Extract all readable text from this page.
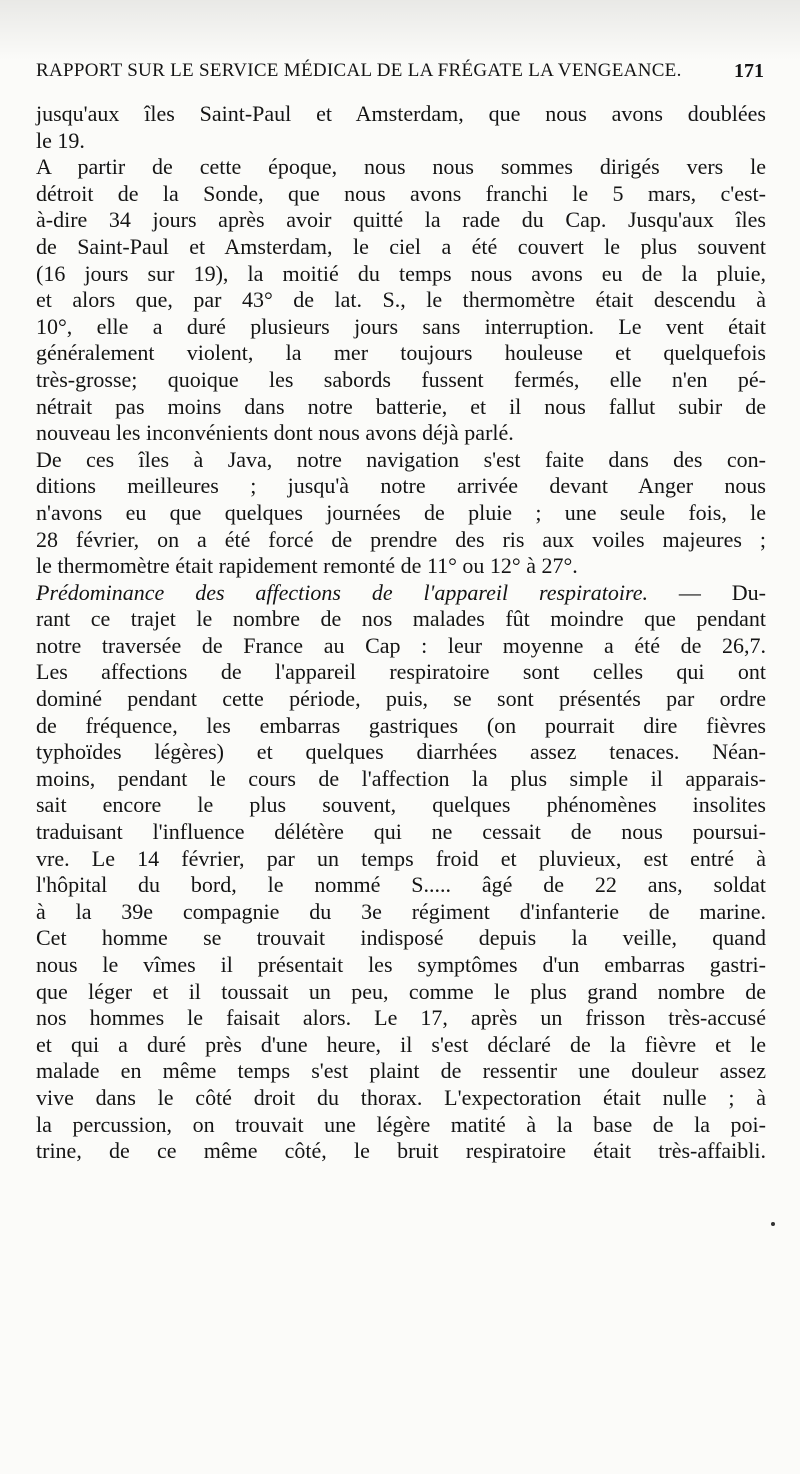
RAPPORT SUR LE SERVICE MÉDICAL DE LA FRÉGATE LA VENGEANCE.	171
jusqu'aux îles Saint-Paul et Amsterdam, que nous avons doublées
le 19.
A partir de cette époque, nous nous sommes dirigés vers le
détroit de la Sonde, que nous avons franchi le 5 mars, c'est-
à-dire 34 jours après avoir quitté la rade du Cap. Jusqu'aux îles
de Saint-Paul et Amsterdam, le ciel a été couvert le plus souvent
(16 jours sur 19), la moitié du temps nous avons eu de la pluie,
et alors que, par 43° de lat. S., le thermomètre était descendu à
10°, elle a duré plusieurs jours sans interruption. Le vent était
généralement violent, la mer toujours houleuse et quelquefois
très-grosse; quoique les sabords fussent fermés, elle n'en pé-
nétrait pas moins dans notre batterie, et il nous fallut subir de
nouveau les inconvénients dont nous avons déjà parlé.
De ces îles à Java, notre navigation s'est faite dans des con-
ditions meilleures ; jusqu'à notre arrivée devant Anger nous
n'avons eu que quelques journées de pluie ; une seule fois, le
28 février, on a été forcé de prendre des ris aux voiles majeures ;
le thermomètre était rapidement remonté de 11° ou 12° à 27°.
Prédominance des affections de l'appareil respiratoire. — Du-
rant ce trajet le nombre de nos malades fût moindre que pendant
notre traversée de France au Cap : leur moyenne a été de 26,7.
Les affections de l'appareil respiratoire sont celles qui ont
dominé pendant cette période, puis, se sont présentés par ordre
de fréquence, les embarras gastriques (on pourrait dire fièvres
typhoïdes légères) et quelques diarrhées assez tenaces. Néan-
moins, pendant le cours de l'affection la plus simple il apparais-
sait encore le plus souvent, quelques phénomènes insolites
traduisant l'influence délétère qui ne cessait de nous poursui-
vre. Le 14 février, par un temps froid et pluvieux, est entré à
l'hôpital du bord, le nommé S..... âgé de 22 ans, soldat
à la 39e compagnie du 3e régiment d'infanterie de marine.
Cet homme se trouvait indisposé depuis la veille, quand
nous le vîmes il présentait les symptômes d'un embarras gastri-
que léger et il toussait un peu, comme le plus grand nombre de
nos hommes le faisait alors. Le 17, après un frisson très-accusé
et qui a duré près d'une heure, il s'est déclaré de la fièvre et le
malade en même temps s'est plaint de ressentir une douleur assez
vive dans le côté droit du thorax. L'expectoration était nulle ; à
la percussion, on trouvait une légère matité à la base de la poi-
trine, de ce même côté, le bruit respiratoire était très-affaibli.
